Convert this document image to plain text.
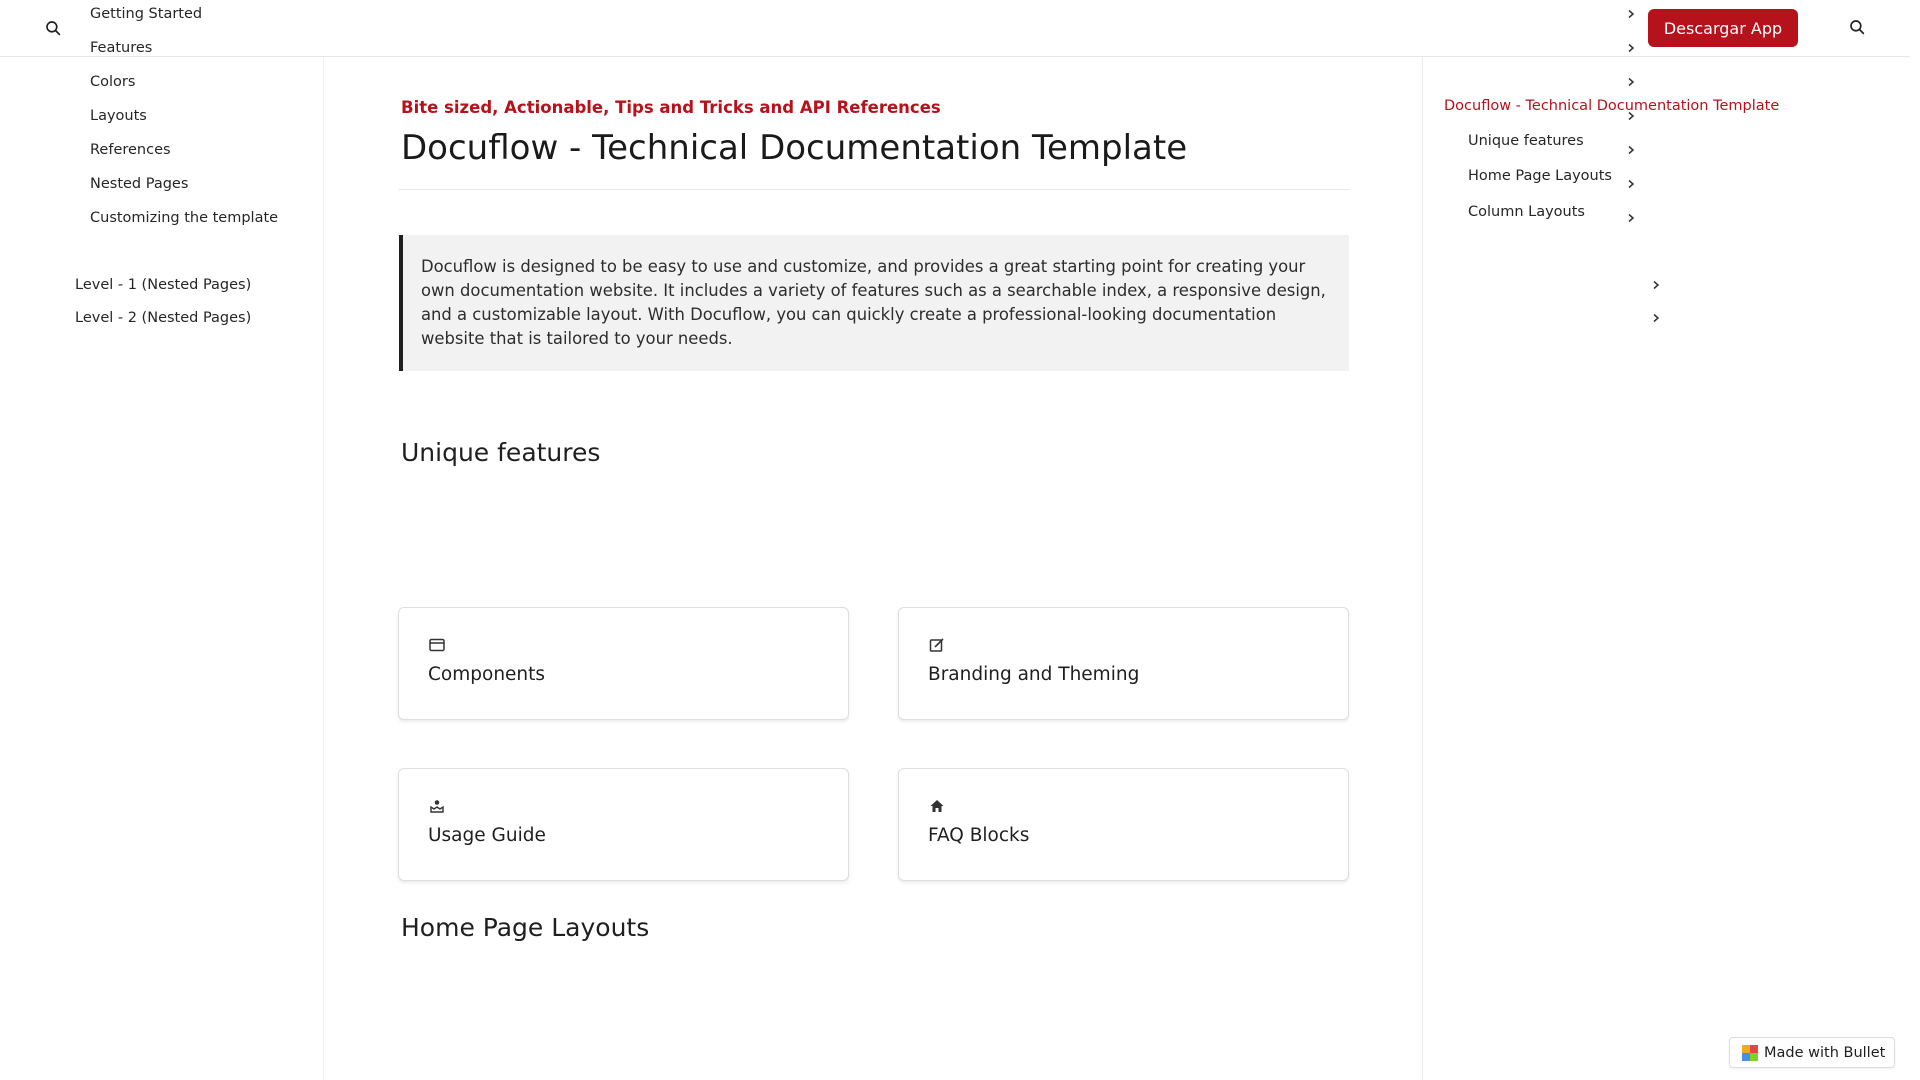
Descargar App
Getting Started
Features
Colors
Layouts
References
Nested Pages
Customizing the template
Level - 1 (Nested Pages)
Level - 2 (Nested Pages)
Bite sized, Actionable, Tips and Tricks and API References
Docuflow - Technical Documentation Template
Docuflow is designed to be easy to use and customize, and provides a great starting point for creating your own documentation website. It includes a variety of features such as a searchable index, a responsive design, and a customizable layout. With Docuflow, you can quickly create a professional-looking documentation website that is tailored to your needs.
Unique features
Components	Branding and Theming
Usage Guide	FAQ Blocks
Home Page Layouts
Docuflow - Technical Documentation Template
Unique features
Home Page Layouts
Column Layouts
Made with Bullet
